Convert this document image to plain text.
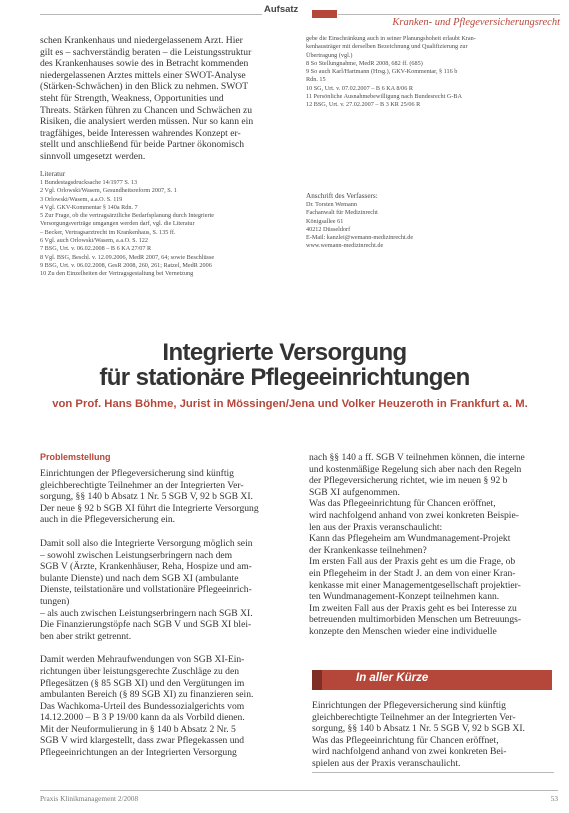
Aufsatz
Kranken- und Pflegeversicherungsrecht
schen Krankenhaus und niedergelassenem Arzt. Hier
gilt es – sachverständig beraten – die Leistungsstruktur
des Krankenhauses sowie des in Betracht kommenden
niedergelassenen Arztes mittels einer SWOT-Analyse
(Stärken-Schwächen) in den Blick zu nehmen. SWOT
steht für Strength, Weakness, Opportunities und
Threats. Stärken führen zu Chancen und Schwächen zu
Risiken, die analysiert werden müssen. Nur so kann ein
tragfähiges, beide Interessen wahrendes Konzept er-
stellt und anschließend für beide Partner ökonomisch
sinnvoll umgesetzt werden.
Literatur
1 Bundestagsdrucksache 14/1977 S. 13
2 Vgl. Orlowski/Wasem, Gesundheitsreform 2007, S. 1
3 Orlowski/Wasem, a.a.O. S. 119
4 Vgl. GKV-Kommentar § 140a Rdn. 7
5 Zur Frage, ob die vertragsärztliche Bedarfsplanung durch Integrierte
Versorgungsverträge umgangen werden darf, vgl. die Literatur
– Becker, Vertragsarztrecht im Krankenhaus, S. 135 ff.
6 Vgl. auch Orlowski/Wasem, a.a.O. S. 122
7 BSG, Urt. v. 06.02.2008 – B 6 KA 27/07 R
8 Vgl. BSG, Beschl. v. 12.09.2006, MedR 2007, 64; sowie Beschlüsse
9 BSG, Urt. v. 06.02.2008, GesR 2008, 260, 261; Ratzel, MedR 2006
10 Zu den Einzelheiten der Vertragsgestaltung bei Vernetzung
gebe die Einschränkung auch in seiner Planungshoheit erlaubt Kran-
kenhausträger mit derselben Bezeichnung und Qualifizierung zur
Übertragung (vgl.)
8 So Stellungnahme, MedR 2008, 682 ff. (685)
9 So auch Karl/Hartmann (Hrsg.), GKV-Kommentar, § 116 b
Rdn. 15
10 SG, Urt. v. 07.02.2007 – B 6 KA 8/06 R
11 Persönliche Ausnahmebewilligung nach Bundesrecht G-BA
12 BSG, Urt. v. 27.02.2007 – B 3 KR 25/06 R
Anschrift des Verfassers:
Dr. Torsten Wemann
Fachanwalt für Medizinrecht
Königsallee 61
40212 Düsseldorf
E-Mail: kanzlei@wemann-medizinrecht.de
www.wemann-medizinrecht.de
Integrierte Versorgung
für stationäre Pflegeeinrichtungen
von Prof. Hans Böhme, Jurist in Mössingen/Jena und Volker Heuzeroth in Frankfurt a. M.
Problemstellung
Einrichtungen der Pflegeversicherung sind künftig
gleichberechtigte Teilnehmer an der Integrierten Ver-
sorgung, §§ 140 b Absatz 1 Nr. 5 SGB V, 92 b SGB XI.
Der neue § 92 b SGB XI führt die Integrierte Versorgung
auch in die Pflegeversicherung ein.
Damit soll also die Integrierte Versorgung möglich sein
– sowohl zwischen Leistungserbringern nach dem
SGB V (Ärzte, Krankenhäuser, Reha, Hospize und am-
bulante Dienste) und nach dem SGB XI (ambulante
Dienste, teilstationäre und vollstationäre Pflegeeinrich-
tungen)
– als auch zwischen Leistungserbringern nach SGB XI.
Die Finanzierungstöpfe nach SGB V und SGB XI blei-
ben aber strikt getrennt.
Damit werden Mehraufwendungen von SGB XI-Ein-
richtungen über leistungsgerechte Zuschläge zu den
Pflegesätzen (§ 85 SGB XI) und den Vergütungen im
ambulanten Bereich (§ 89 SGB XI) zu finanzieren sein.
Das Wachkoma-Urteil des Bundessozialgerichts vom
14.12.2000 – B 3 P 19/00 kann da als Vorbild dienen.
Mit der Neuformulierung in § 140 b Absatz 2 Nr. 5
SGB V wird klargestellt, dass zwar Pflegekassen und
Pflegeeinrichtungen an der Integrierten Versorgung
nach §§ 140 a ff. SGB V teilnehmen können, die interne
und kostenmäßige Regelung sich aber nach den Regeln
der Pflegeversicherung richtet, wie im neuen § 92 b
SGB XI aufgenommen.
Was das Pflegeeinrichtung für Chancen eröffnet,
wird nachfolgend anhand von zwei konkreten Beispie-
len aus der Praxis veranschaulicht:
Kann das Pflegeheim am Wundmanagement-Projekt
der Krankenkasse teilnehmen?
Im ersten Fall aus der Praxis geht es um die Frage, ob
ein Pflegeheim in der Stadt J. an dem von einer Kran-
kenkasse mit einer Managementgesellschaft projektier-
ten Wundmanagement-Konzept teilnehmen kann.
Im zweiten Fall aus der Praxis geht es bei Interesse zu
betreuenden multimorbiden Menschen um Betreuungs-
konzepte den Menschen wieder eine individuelle
In aller Kürze
Einrichtungen der Pflegeversicherung sind künftig
gleichberechtigte Teilnehmer an der Integrierten Ver-
sorgung, §§ 140 b Absatz 1 Nr. 5 SGB V, 92 b SGB XI.
Was das Pflegeeinrichtung für Chancen eröffnet,
wird nachfolgend anhand von zwei konkreten Bei-
spielen aus der Praxis veranschaulicht.
Praxis Klinikmanagement 2/2008	53
